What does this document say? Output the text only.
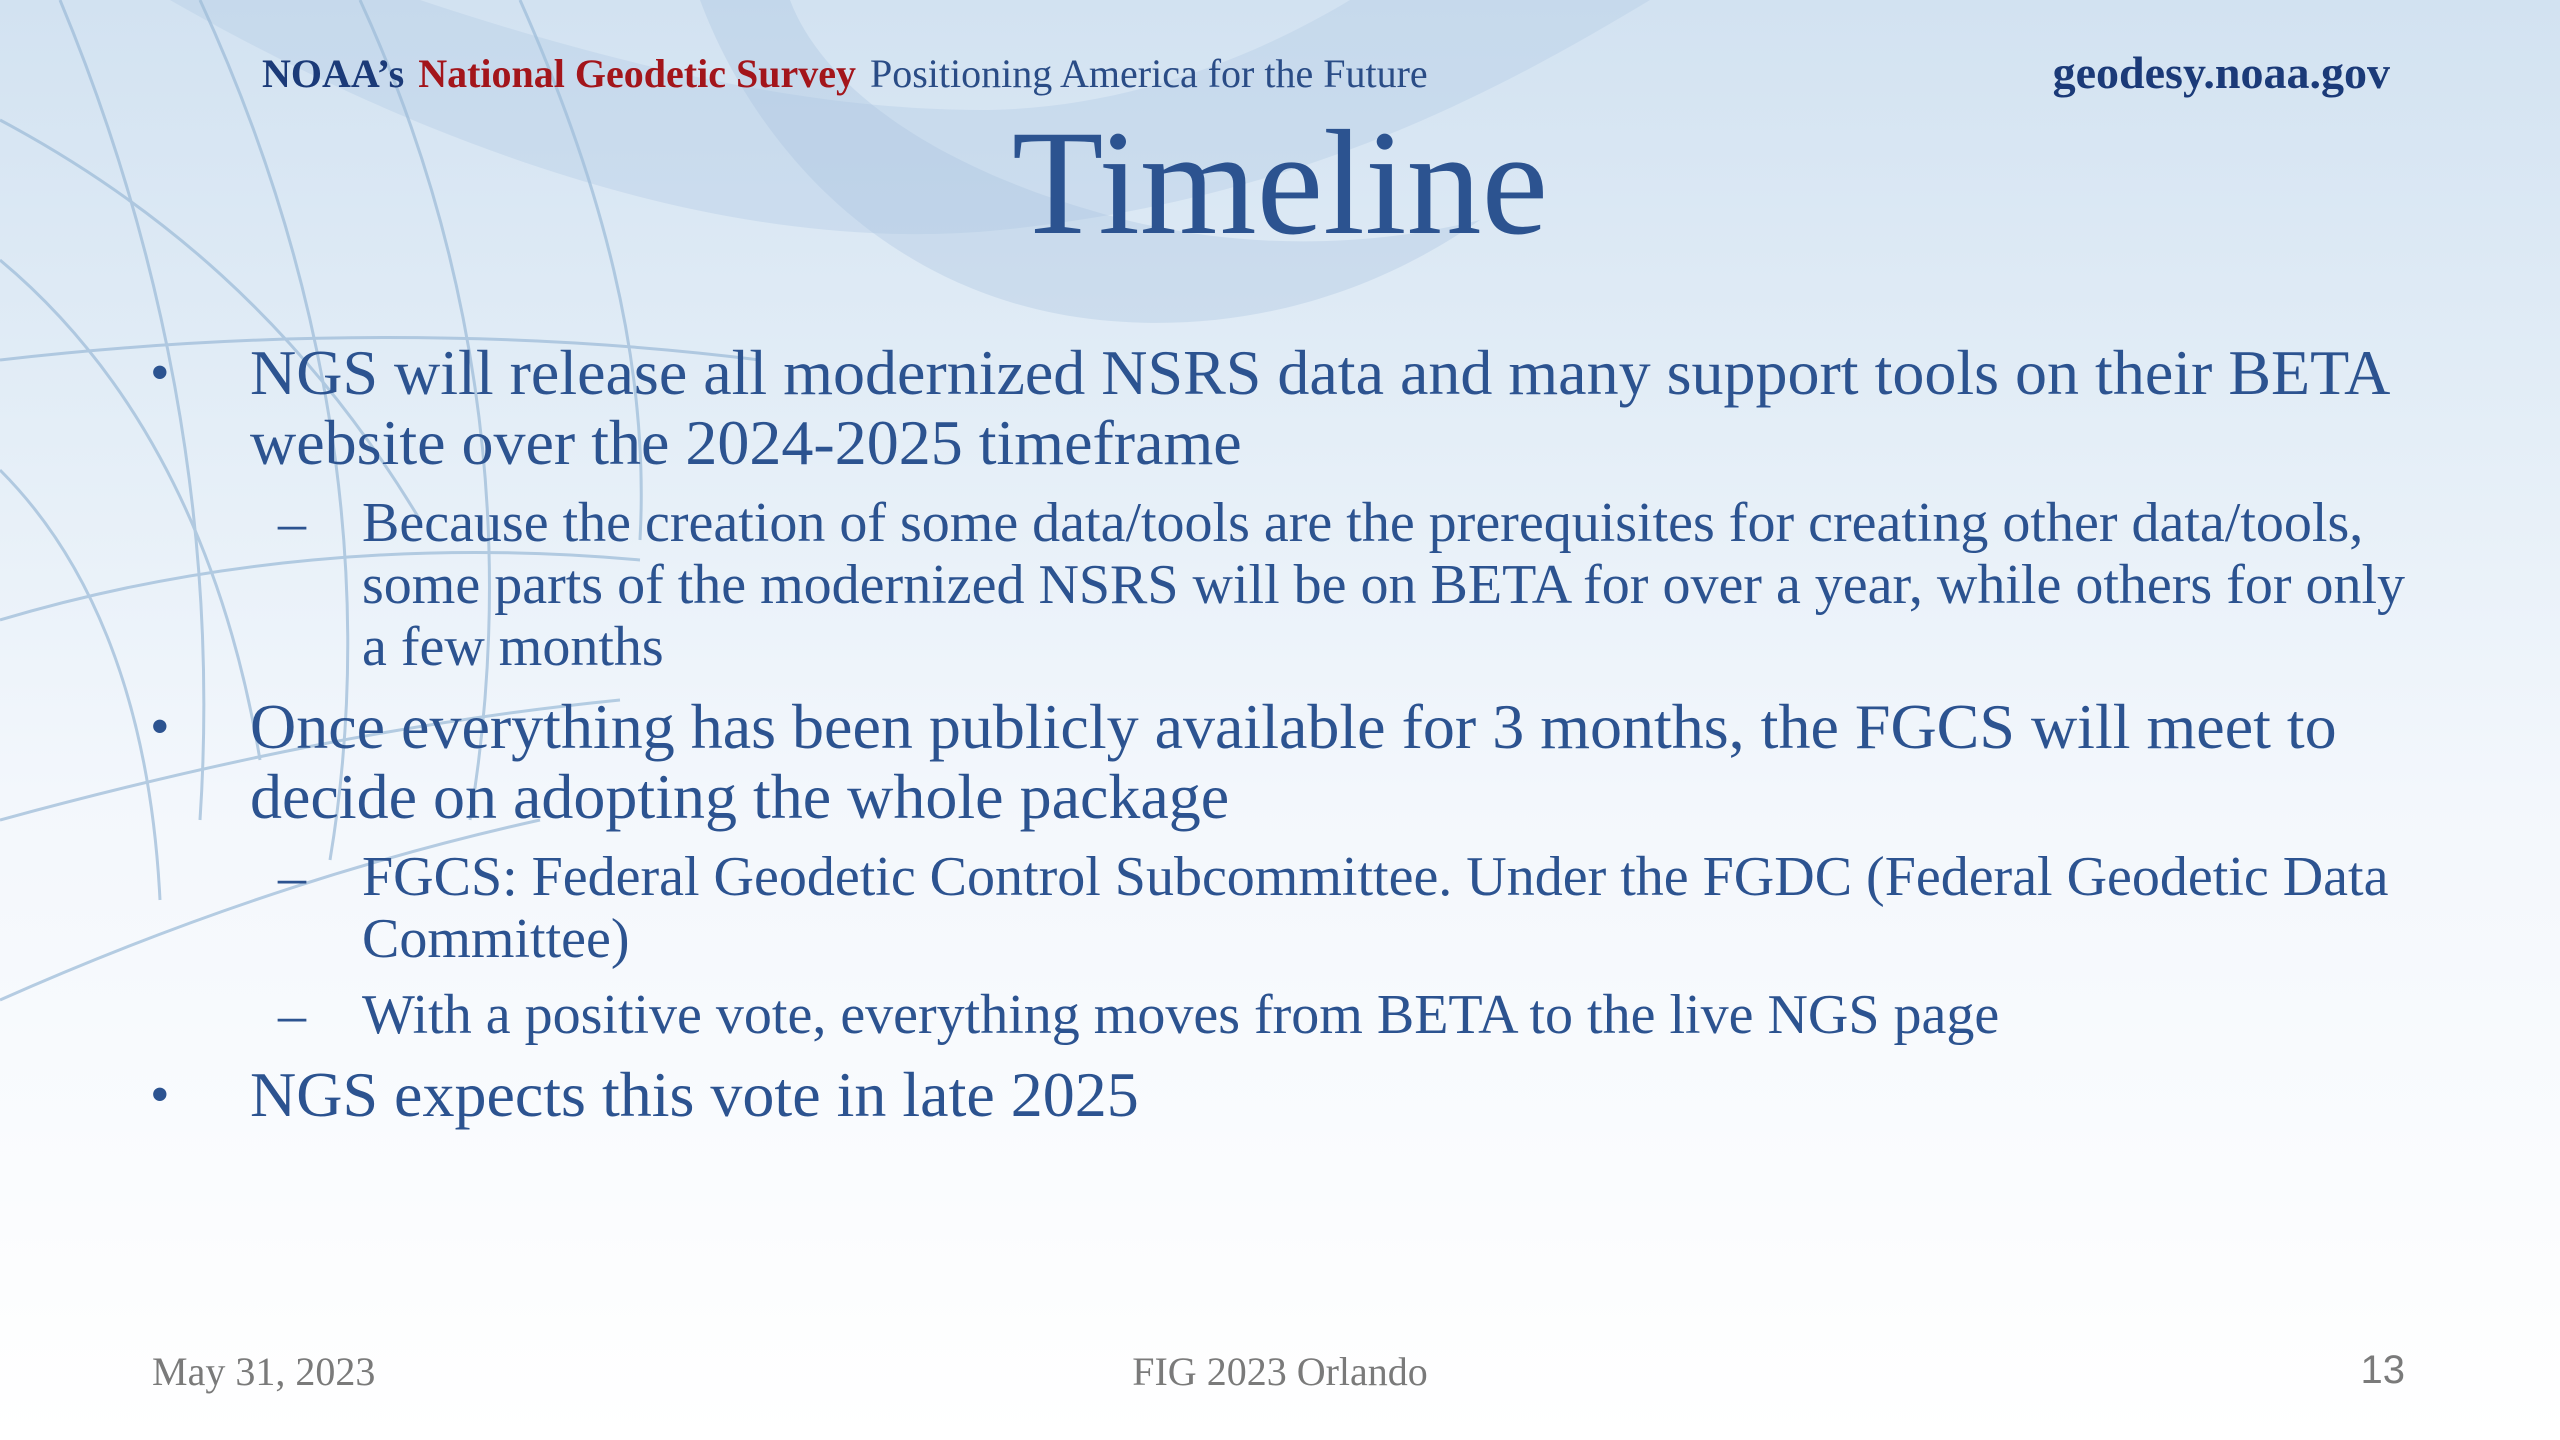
NOAA’s National Geodetic Survey Positioning America for the Future	geodesy.noaa.gov
Timeline
• NGS will release all modernized NSRS data and many support tools on their BETA website over the 2024-2025 timeframe
– Because the creation of some data/tools are the prerequisites for creating other data/tools, some parts of the modernized NSRS will be on BETA for over a year, while others for only a few months
• Once everything has been publicly available for 3 months, the FGCS will meet to decide on adopting the whole package
– FGCS: Federal Geodetic Control Subcommittee. Under the FGDC (Federal Geodetic Data Committee)
– With a positive vote, everything moves from BETA to the live NGS page
• NGS expects this vote in late 2025
May 31, 2023	FIG 2023 Orlando	13
